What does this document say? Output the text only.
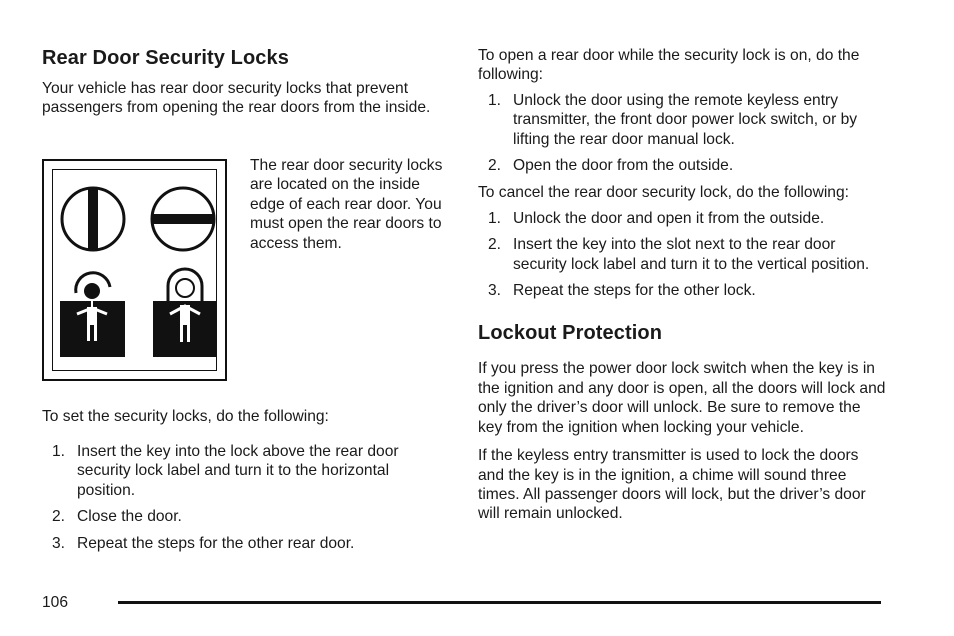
Rear Door Security Locks

Your vehicle has rear door security locks that prevent passengers from opening the rear doors from the inside.

The rear door security locks are located on the inside edge of each rear door. You must open the rear doors to access them.

To set the security locks, do the following:

1. Insert the key into the lock above the rear door security lock label and turn it to the horizontal position.
2. Close the door.
3. Repeat the steps for the other rear door.

To open a rear door while the security lock is on, do the following:

1. Unlock the door using the remote keyless entry transmitter, the front door power lock switch, or by lifting the rear door manual lock.
2. Open the door from the outside.

To cancel the rear door security lock, do the following:

1. Unlock the door and open it from the outside.
2. Insert the key into the slot next to the rear door security lock label and turn it to the vertical position.
3. Repeat the steps for the other lock.
Lockout Protection

If you press the power door lock switch when the key is in the ignition and any door is open, all the doors will lock and only the driver’s door will unlock. Be sure to remove the key from the ignition when locking your vehicle.

If the keyless entry transmitter is used to lock the doors and the key is in the ignition, a chime will sound three times. All passenger doors will lock, but the driver’s door will remain unlocked.

106
